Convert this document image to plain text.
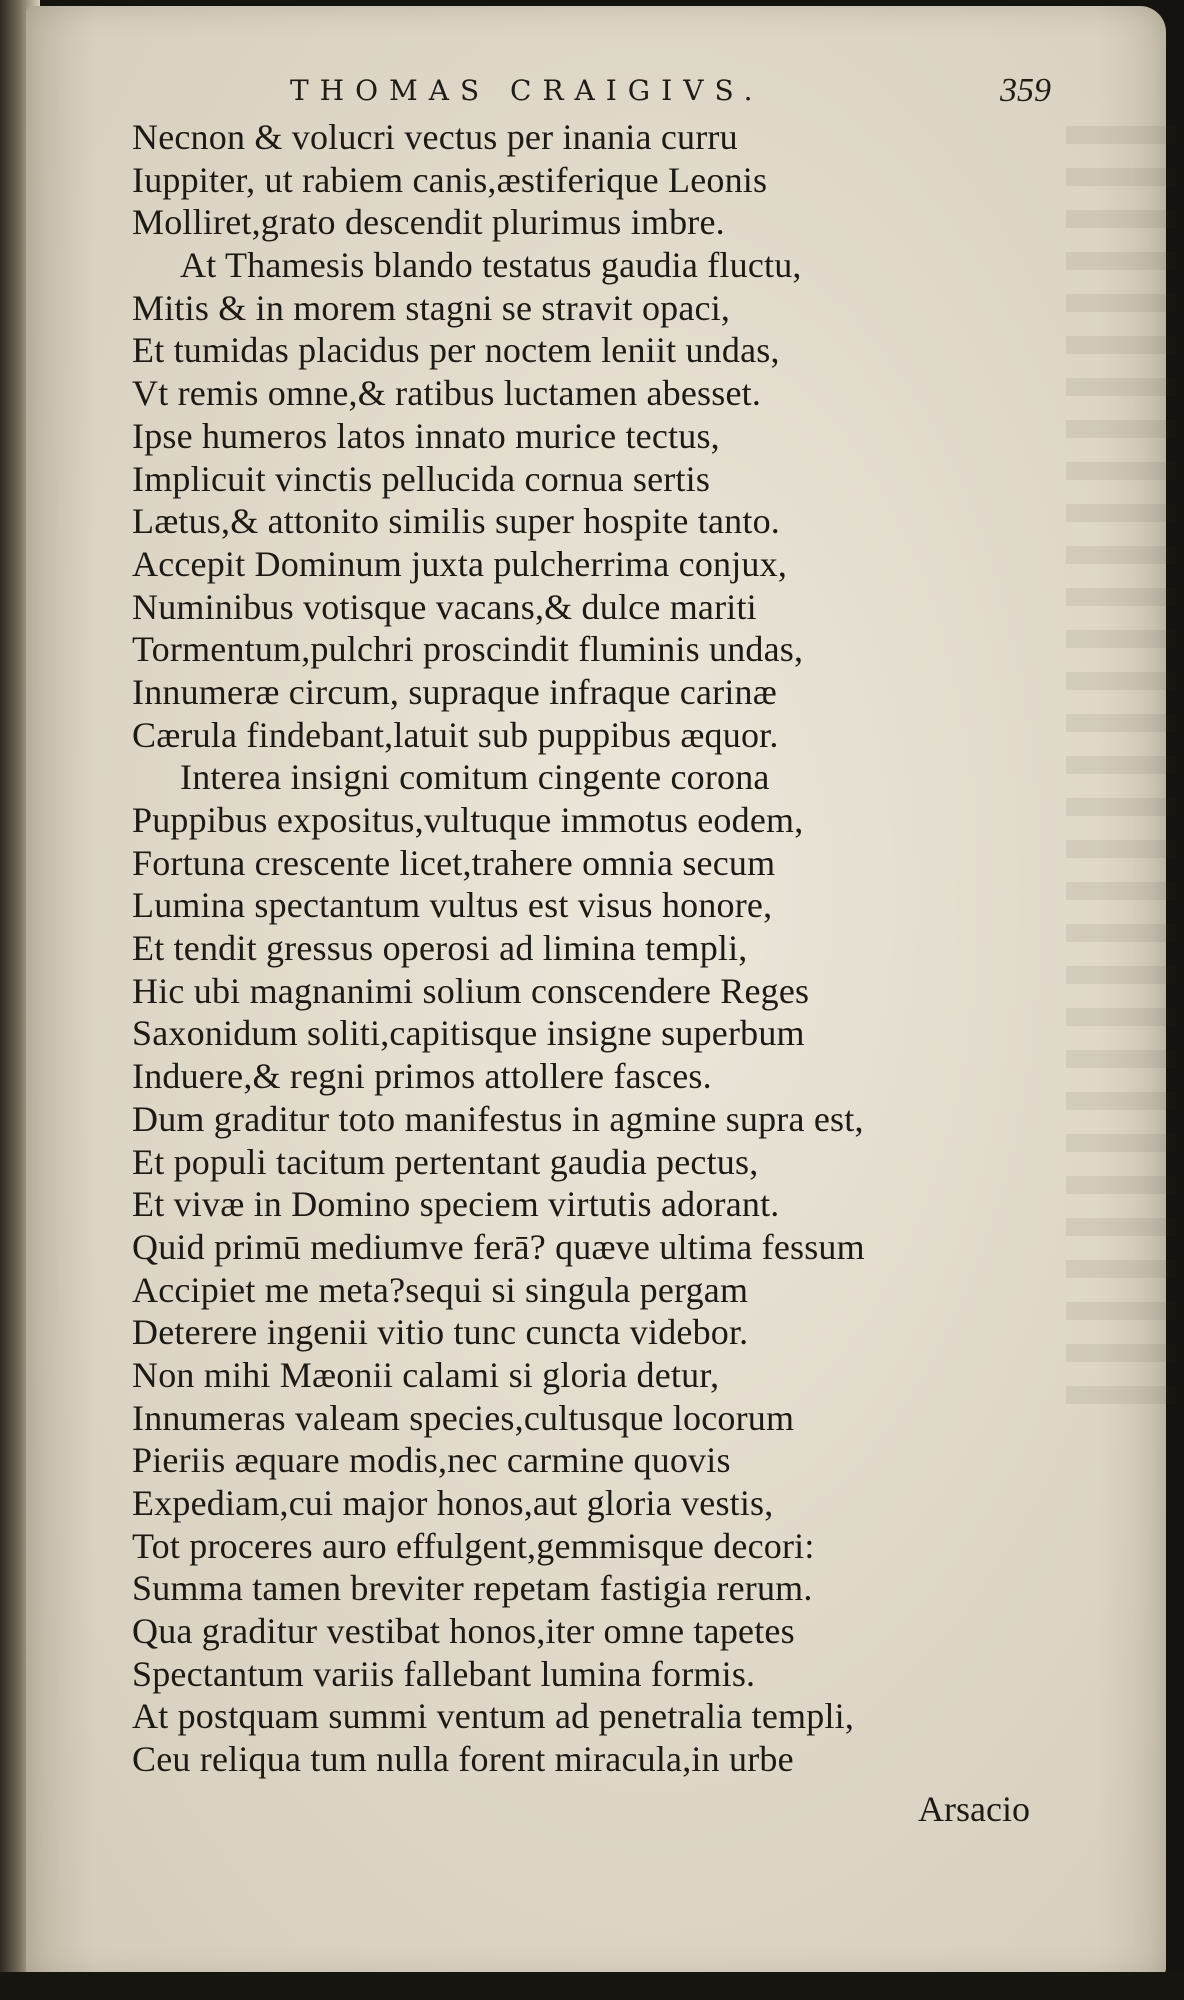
THOMAS CRAIGIVS.	359
Necnon & volucri vectus per inania curru
Iuppiter, ut rabiem canis,æstiferique Leonis
Molliret,grato descendit plurimus imbre.
At Thamesis blando testatus gaudia fluctu,
Mitis & in morem stagni se stravit opaci,
Et tumidas placidus per noctem leniit undas,
Vt remis omne,& ratibus luctamen abesset.
Ipse humeros latos innato murice tectus,
Implicuit vinctis pellucida cornua sertis
Lætus,& attonito similis super hospite tanto.
Accepit Dominum juxta pulcherrima conjux,
Numinibus votisque vacans,& dulce mariti
Tormentum,pulchri proscindit fluminis undas,
Innumeræ circum, supraque infraque carinæ
Cærula findebant,latuit sub puppibus æquor.
Interea insigni comitum cingente corona
Puppibus expositus,vultuque immotus eodem,
Fortuna crescente licet,trahere omnia secum
Lumina spectantum vultus est visus honore,
Et tendit gressus operosi ad limina templi,
Hic ubi magnanimi solium conscendere Reges
Saxonidum soliti,capitisque insigne superbum
Induere,& regni primos attollere fasces.
Dum graditur toto manifestus in agmine supra est,
Et populi tacitum pertentant gaudia pectus,
Et vivæ in Domino speciem virtutis adorant.
Quid primū mediumve ferā? quæve ultima fessum
Accipiet me meta?sequi si singula pergam
Deterere ingenii vitio tunc cuncta videbor.
Non mihi Mæonii calami si gloria detur,
Innumeras valeam species,cultusque locorum
Pieriis æquare modis,nec carmine quovis
Expediam,cui major honos,aut gloria vestis,
Tot proceres auro effulgent,gemmisque decori:
Summa tamen breviter repetam fastigia rerum.
Qua graditur vestibat honos,iter omne tapetes
Spectantum variis fallebant lumina formis.
At postquam summi ventum ad penetralia templi,
Ceu reliqua tum nulla forent miracula,in urbe
Arsacio
